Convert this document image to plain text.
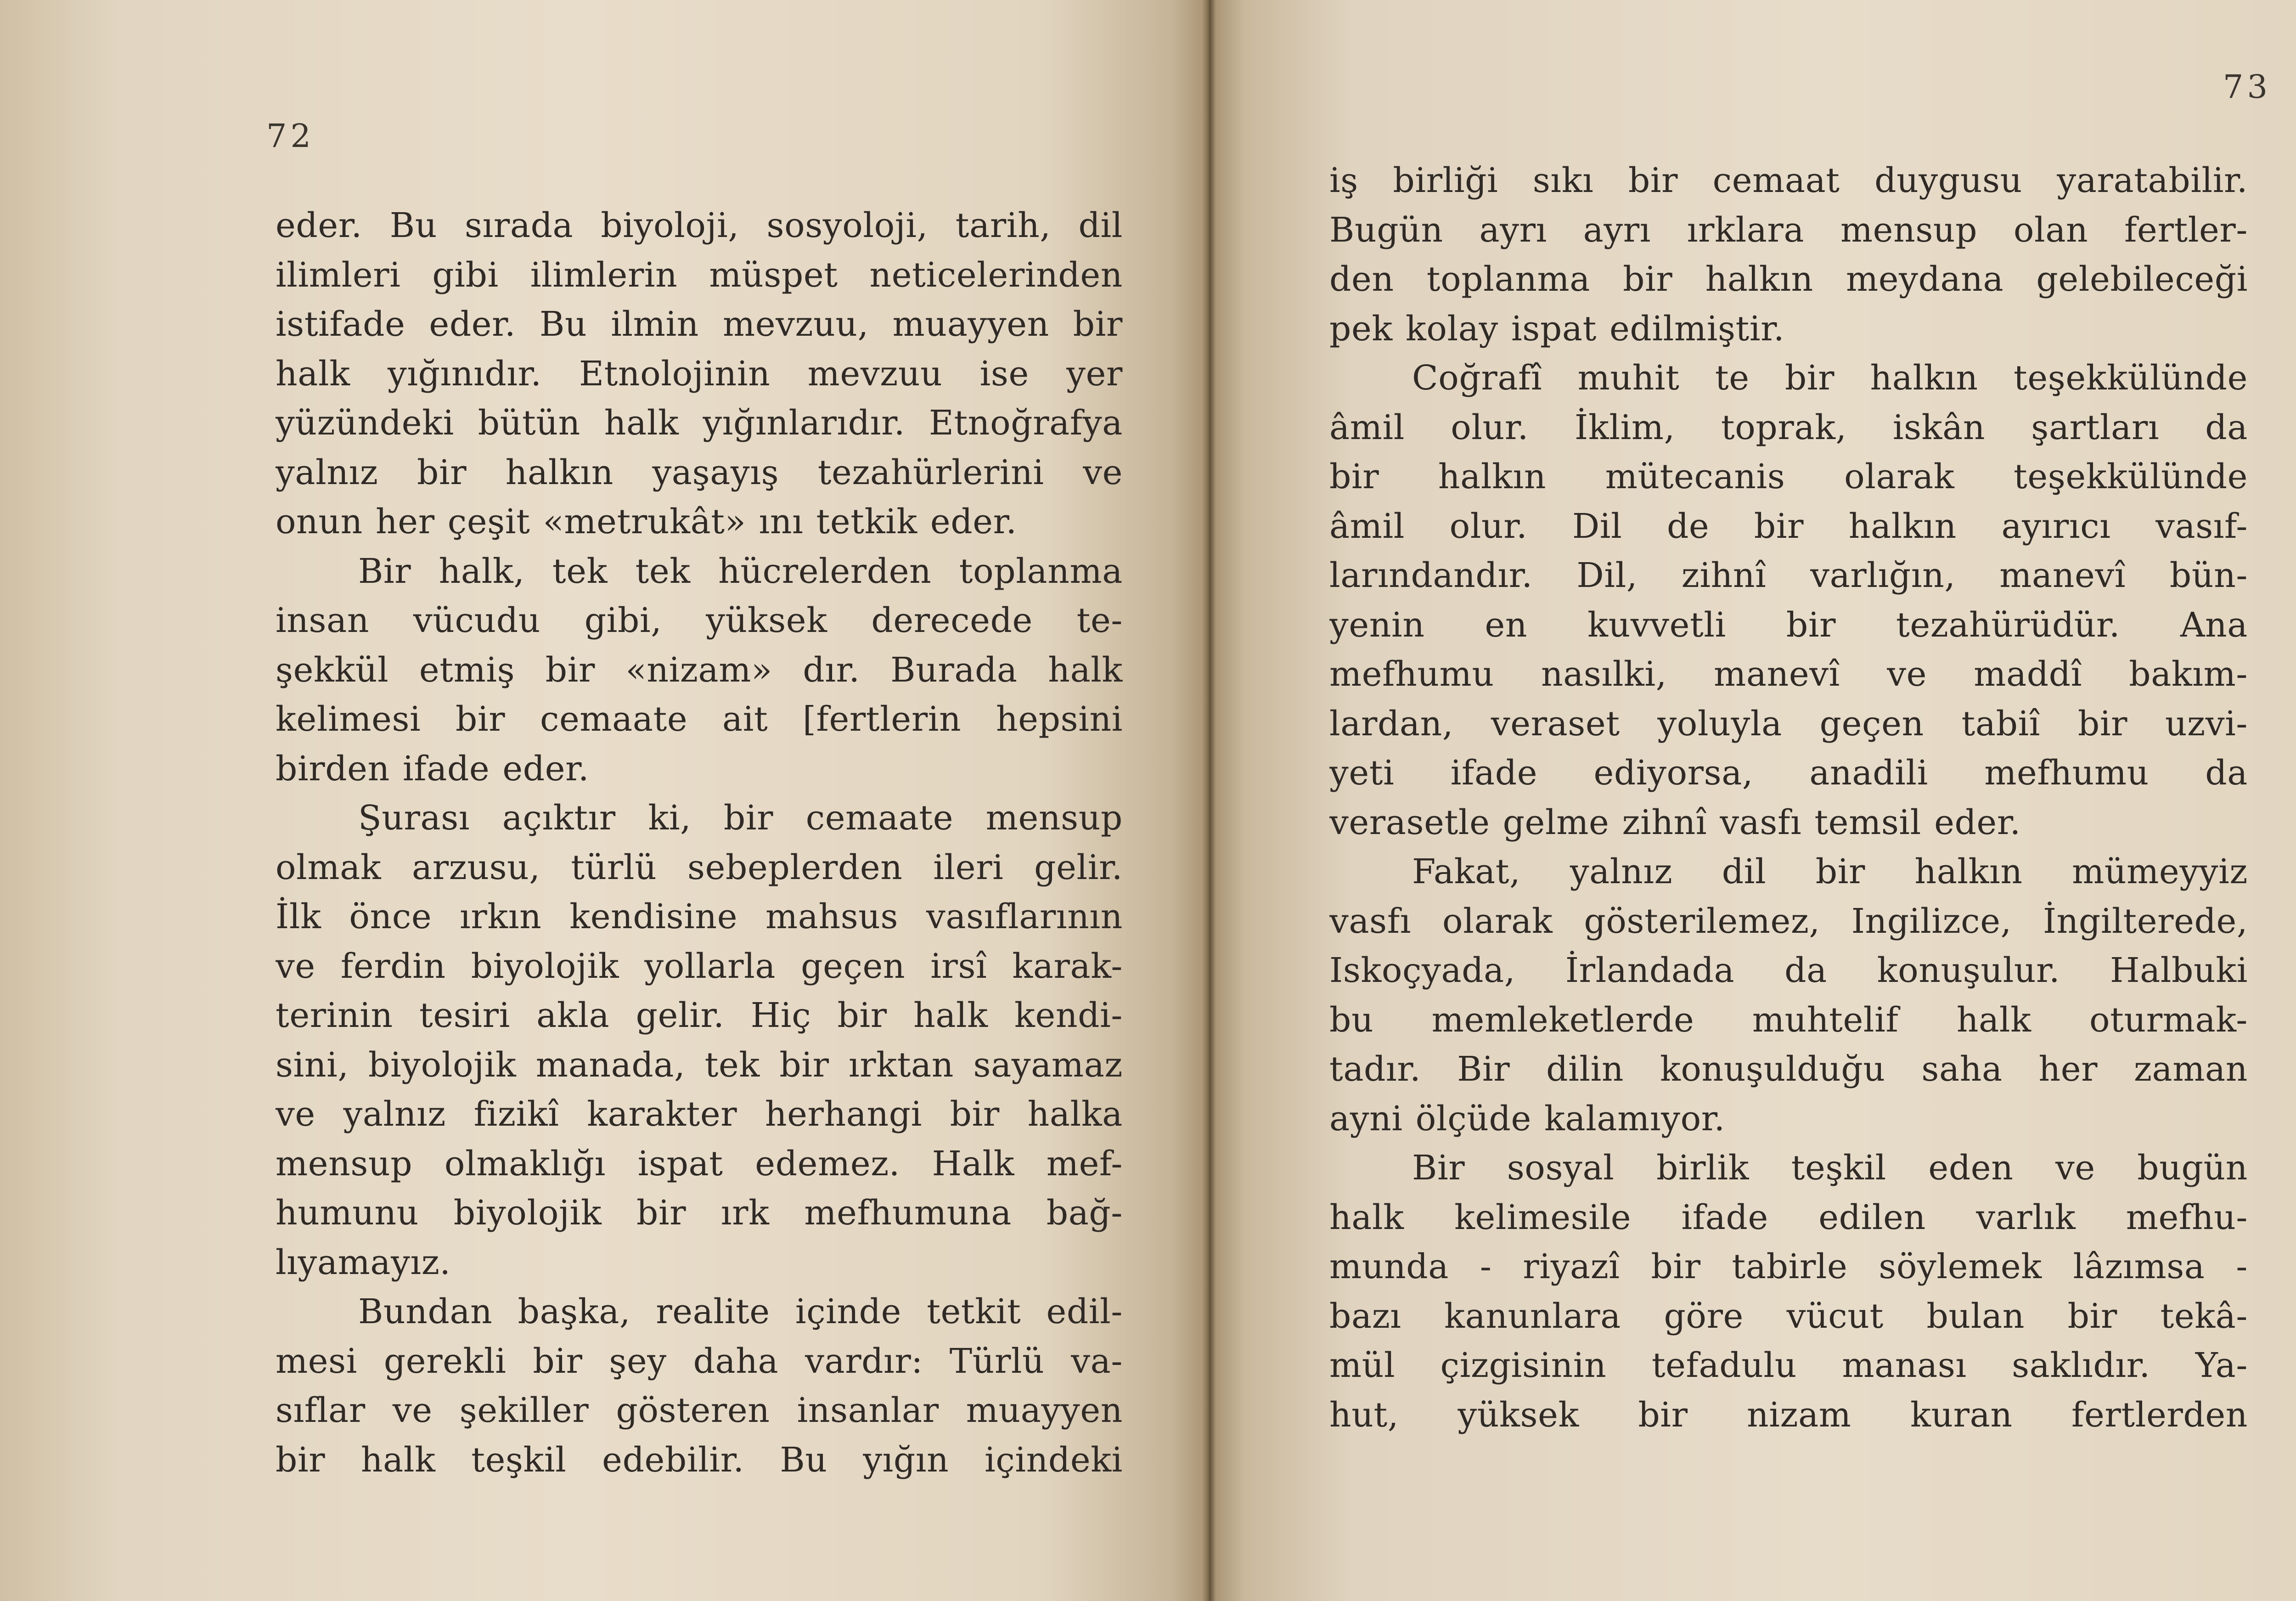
72
eder. Bu sırada biyoloji, sosyoloji, tarih, dil
ilimleri gibi ilimlerin müspet neticelerinden
istifade eder. Bu ilmin mevzuu, muayyen bir
halk yığınıdır. Etnolojinin mevzuu ise yer
yüzündeki bütün halk yığınlarıdır. Etnoğrafya
yalnız bir halkın yaşayış tezahürlerini ve
onun her çeşit «metrukât» ını tetkik eder.
Bir halk, tek tek hücrelerden toplanma
insan vücudu gibi, yüksek derecede te-
şekkül etmiş bir «nizam» dır. Burada halk
kelimesi bir cemaate ait [fertlerin hepsini
birden ifade eder.
Şurası açıktır ki, bir cemaate mensup
olmak arzusu, türlü sebeplerden ileri gelir.
İlk önce ırkın kendisine mahsus vasıflarının
ve ferdin biyolojik yollarla geçen irsî karak-
terinin tesiri akla gelir. Hiç bir halk kendi-
sini, biyolojik manada, tek bir ırktan sayamaz
ve yalnız fizikî karakter herhangi bir halka
mensup olmaklığı ispat edemez. Halk mef-
humunu biyolojik bir ırk mefhumuna bağ-
lıyamayız.
Bundan başka, realite içinde tetkit edil-
mesi gerekli bir şey daha vardır: Türlü va-
sıflar ve şekiller gösteren insanlar muayyen
bir halk teşkil edebilir. Bu yığın içindeki
73
iş birliği sıkı bir cemaat duygusu yaratabilir.
Bugün ayrı ayrı ırklara mensup olan fertler-
den toplanma bir halkın meydana gelebileceği
pek kolay ispat edilmiştir.
Coğrafî muhit te bir halkın teşekkülünde
âmil olur. İklim, toprak, iskân şartları da
bir halkın mütecanis olarak teşekkülünde
âmil olur. Dil de bir halkın ayırıcı vasıf-
larındandır. Dil, zihnî varlığın, manevî bün-
yenin en kuvvetli bir tezahürüdür. Ana
mefhumu nasılki, manevî ve maddî bakım-
lardan, veraset yoluyla geçen tabiî bir uzvi-
yeti ifade ediyorsa, anadili mefhumu da
verasetle gelme zihnî vasfı temsil eder.
Fakat, yalnız dil bir halkın mümeyyiz
vasfı olarak gösterilemez, Ingilizce, İngilterede,
Iskoçyada, İrlandada da konuşulur. Halbuki
bu memleketlerde muhtelif halk oturmak-
tadır. Bir dilin konuşulduğu saha her zaman
ayni ölçüde kalamıyor.
Bir sosyal birlik teşkil eden ve bugün
halk kelimesile ifade edilen varlık mefhu-
munda - riyazî bir tabirle söylemek lâzımsa -
bazı kanunlara göre vücut bulan bir tekâ-
mül çizgisinin tefadulu manası saklıdır. Ya-
hut, yüksek bir nizam kuran fertlerden
